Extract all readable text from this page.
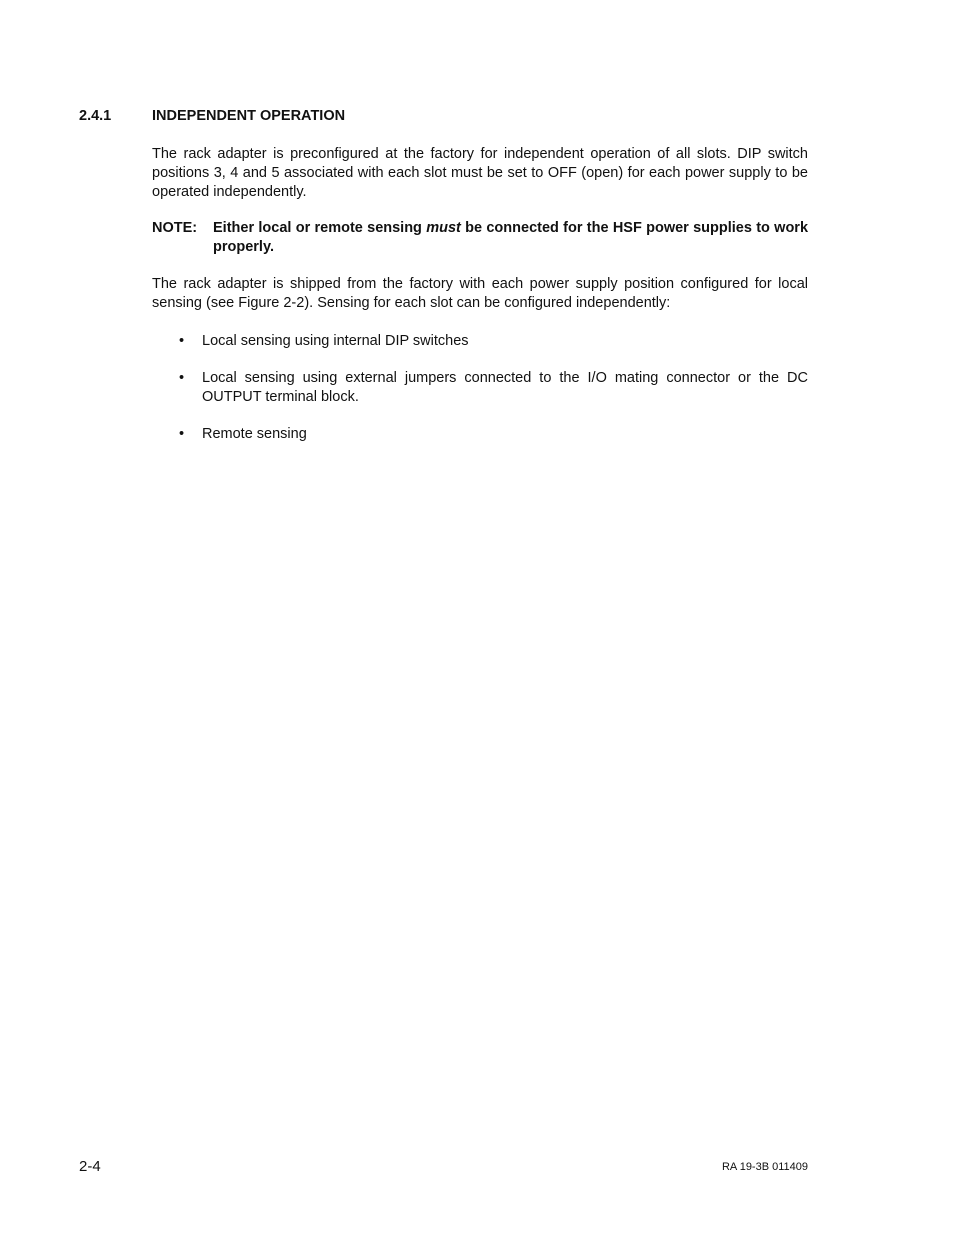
2.4.1	INDEPENDENT OPERATION

The rack adapter is preconfigured at the factory for independent operation of all slots. DIP switch positions 3, 4 and 5 associated with each slot must be set to OFF (open) for each power supply to be operated independently.

NOTE:	Either local or remote sensing must be connected for the HSF power supplies to work properly.

The rack adapter is shipped from the factory with each power supply position configured for local sensing (see Figure 2-2). Sensing for each slot can be configured independently:

• Local sensing using internal DIP switches
• Local sensing using external jumpers connected to the I/O mating connector or the DC OUTPUT terminal block.
• Remote sensing
2-4	RA 19-3B 011409
